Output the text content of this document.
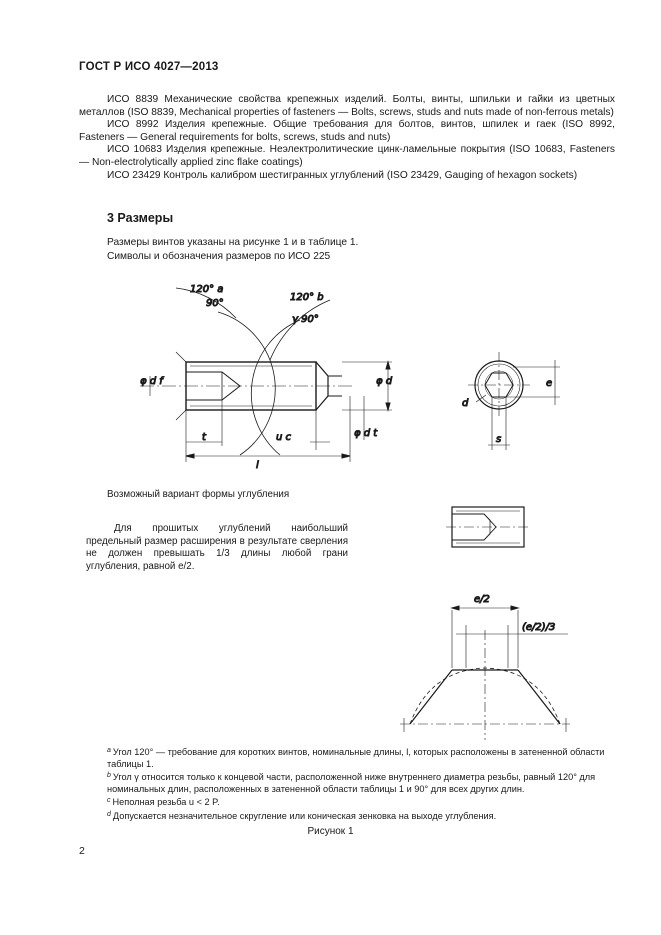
ГОСТ Р ИСО 4027—2013

ИСО 8839 Механические свойства крепежных изделий. Болты, винты, шпильки и гайки из цветных металлов (ISO 8839, Mechanical properties of fasteners — Bolts, screws, studs and nuts made of non-ferrous metals)

ИСО 8992 Изделия крепежные. Общие требования для болтов, винтов, шпилек и гаек (ISO 8992, Fasteners — General requirements for bolts, screws, studs and nuts)

ИСО 10683 Изделия крепежные. Нeэлектролитические цинк-ламельные покрытия (ISO 10683, Fasteners — Non-electrolytically applied zinc flake coatings)

ИСО 23429 Контроль калибром шестигранных углублений (ISO 23429, Gauging of hexagon sockets)

3 Размеры
Размеры винтов указаны на рисунке 1 и в таблице 1.
Символы и обозначения размеров по ИСО 225
120° a
90°
120° b
γ 90°
φ d f	φ d
φ d t
t	u c
l
e
s
d
e/2
(e/2)/3
Возможный вариант формы углубления

Для прошитых углублений наибольший предельный размер расширения в результате сверления не должен превышать 1/3 длины любой грани углубления, равной e/2.

$^a$ Угол 120° — требование для коротких винтов, номинальные длины, l, которых расположены в затененной области таблицы 1.

$^b$ Угол γ относится только к концевой части, расположенной ниже внутреннего диаметра резьбы, равный 120° для номинальных длин, расположенных в затененной области таблицы 1 и 90° для всех других длин.

$^c$ Неполная резьба u < 2 P.

$^d$ Допускается незначительное скругление или коническая зенковка на выходе углубления.

Рисунок 1
2
